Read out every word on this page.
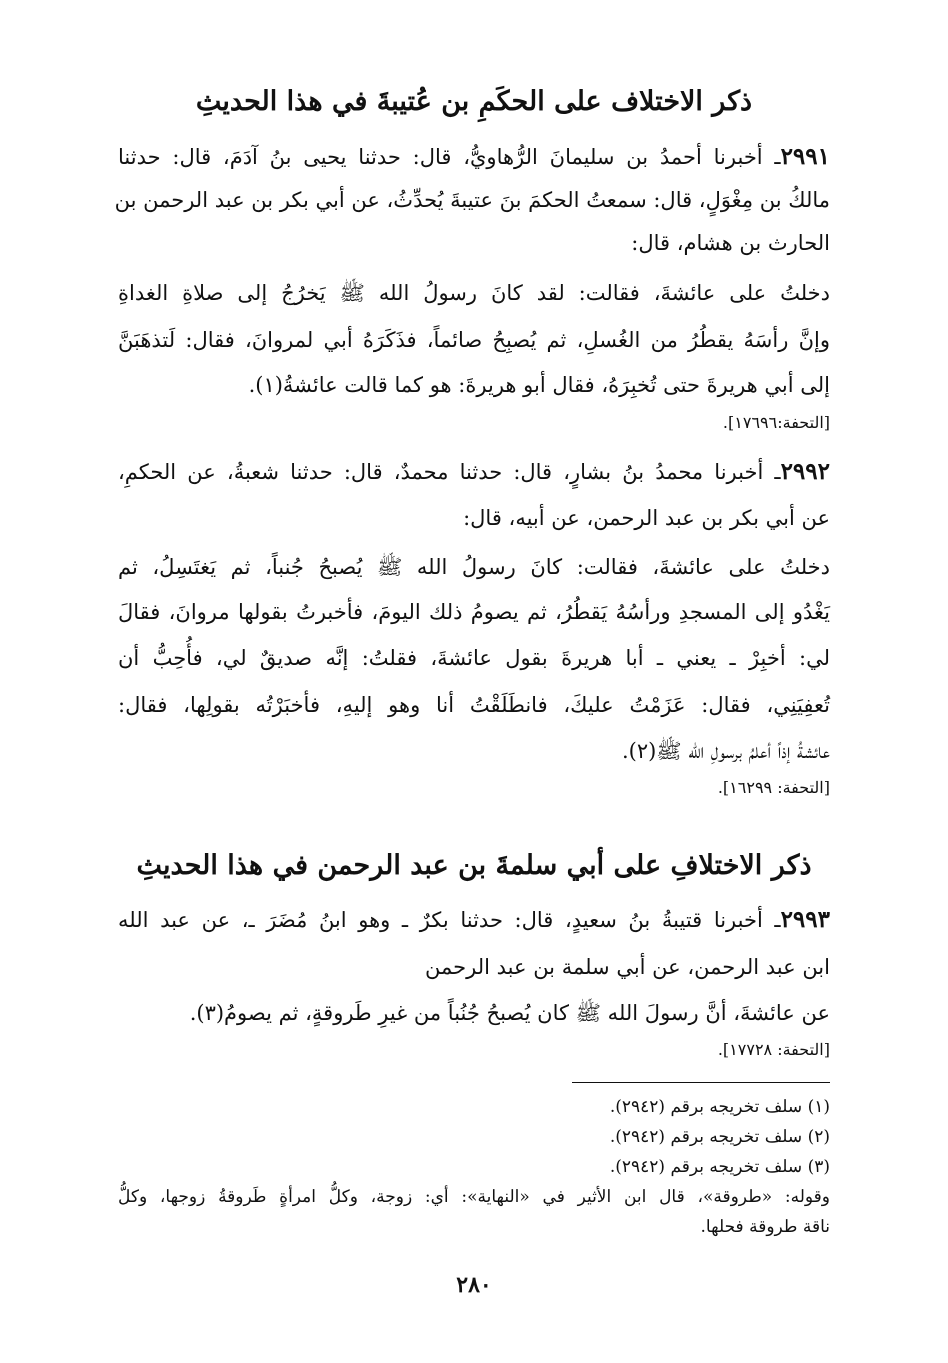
ذكر الاختلاف على الحكَمِ بن عُتيبةَ في هذا الحديثِ
٢٩٩١ـ أخبرنا أحمدُ بن سليمانَ الرُّهاويُّ، قال: حدثنا يحيى بنُ آدَمَ، قال: حدثنا
مالكُ بن مِغْوَلٍ، قال: سمعتُ الحكمَ بنَ عتيبةَ يُحدِّثُ، عن أبي بكر بن عبد الرحمن بن
الحارث بن هشام، قال:
دخلتُ على عائشةَ، فقالت: لقد كانَ رسولُ الله ﷺ يَخرُجُ إلى صلاةِ الغداةِ
وإنَّ رأسَهُ يقطُرُ من الغُسلِ، ثم يُصبِحُ صائماً، فذَكَرَهُ أبي لمروانَ، فقال: لَتذهَبَنَّ
إلى أبي هريرةَ حتى تُخبِرَهُ، فقال أبو هريرةَ: هو كما قالت عائشةُ(١).
[التحفة:١٧٦٩٦].
٢٩٩٢ـ أخبرنا محمدُ بنُ بشارٍ، قال: حدثنا محمدٌ، قال: حدثنا شعبةُ، عن الحكمِ،
عن أبي بكر بن عبد الرحمن، عن أبيه، قال:
دخلتُ على عائشةَ، فقالت: كانَ رسولُ الله ﷺ يُصبحُ جُنباً، ثم يَغتَسِلُ، ثم
يَغْدُو إلى المسجدِ ورأسُهُ يَقطُرُ، ثم يصومُ ذلك اليومَ، فأخبرتُ بقولها مروانَ، فقالَ
لي: أخبِرْ ـ يعني ـ أبا هريرةَ بقول عائشةَ، فقلتُ: إنَّه صديقٌ لي، فأُحِبُّ أن
تُعفِيَنِي، فقال: عَزَمْتُ عليكَ، فانطَلَقْتُ أنا وهو إليهِ، فأخبَرْتُه بقولِها، فقال:
عائشةُ إذاً أعلمُ برسولِ الله ﷺ(٢).
[التحفة: ١٦٢٩٩].
ذكر الاختلافِ على أبي سلمةَ بن عبد الرحمن في هذا الحديثِ
٢٩٩٣ـ أخبرنا قتيبةُ بنُ سعيدٍ، قال: حدثنا بكرٌ ـ وهو ابنُ مُضَرَ ـ، عن عبد الله
ابن عبد الرحمن، عن أبي سلمة بن عبد الرحمن
عن عائشةَ، أنَّ رسولَ الله ﷺ كان يُصبحُ جُنُباً من غيرِ طَروقةٍ، ثم يصومُ(٣).
[التحفة: ١٧٧٢٨].
(١) سلف تخريجه برقم (٢٩٤٢).
(٢) سلف تخريجه برقم (٢٩٤٢).
(٣) سلف تخريجه برقم (٢٩٤٢).
وقوله: «طروقة»، قال ابن الأثير في «النهاية»: أي: زوجة، وكلُّ امرأةٍ طَروقةُ زوجها، وكلُّ
ناقة طروقة فحلها.
٢٨٠
